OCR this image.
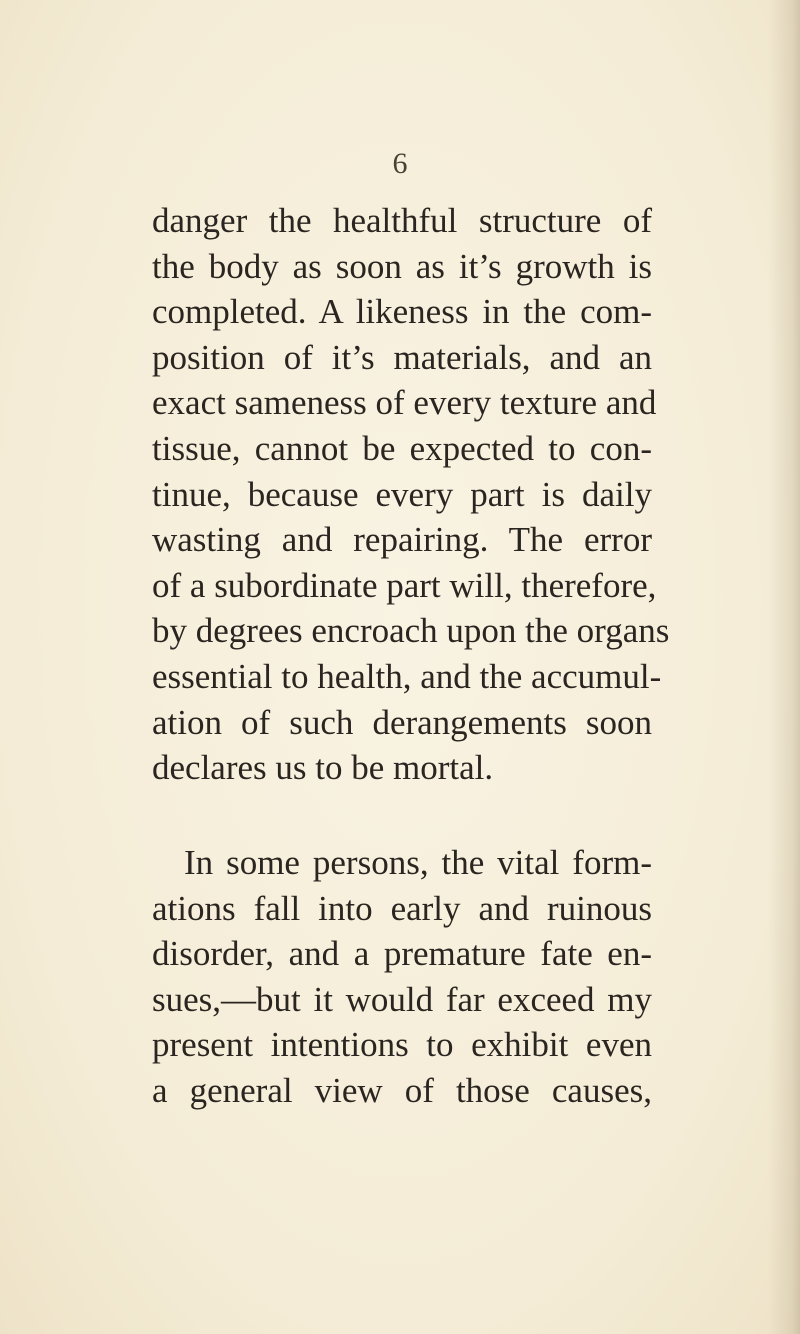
6
danger the healthful structure of
the body as soon as it’s growth is
completed. A likeness in the com-
position of it’s materials, and an
exact sameness of every texture and
tissue, cannot be expected to con-
tinue, because every part is daily
wasting and repairing. The error
of a subordinate part will, therefore,
by degrees encroach upon the organs
essential to health, and the accumul-
ation of such derangements soon
declares us to be mortal.
In some persons, the vital form-
ations fall into early and ruinous
disorder, and a premature fate en-
sues,—but it would far exceed my
present intentions to exhibit even
a general view of those causes,
